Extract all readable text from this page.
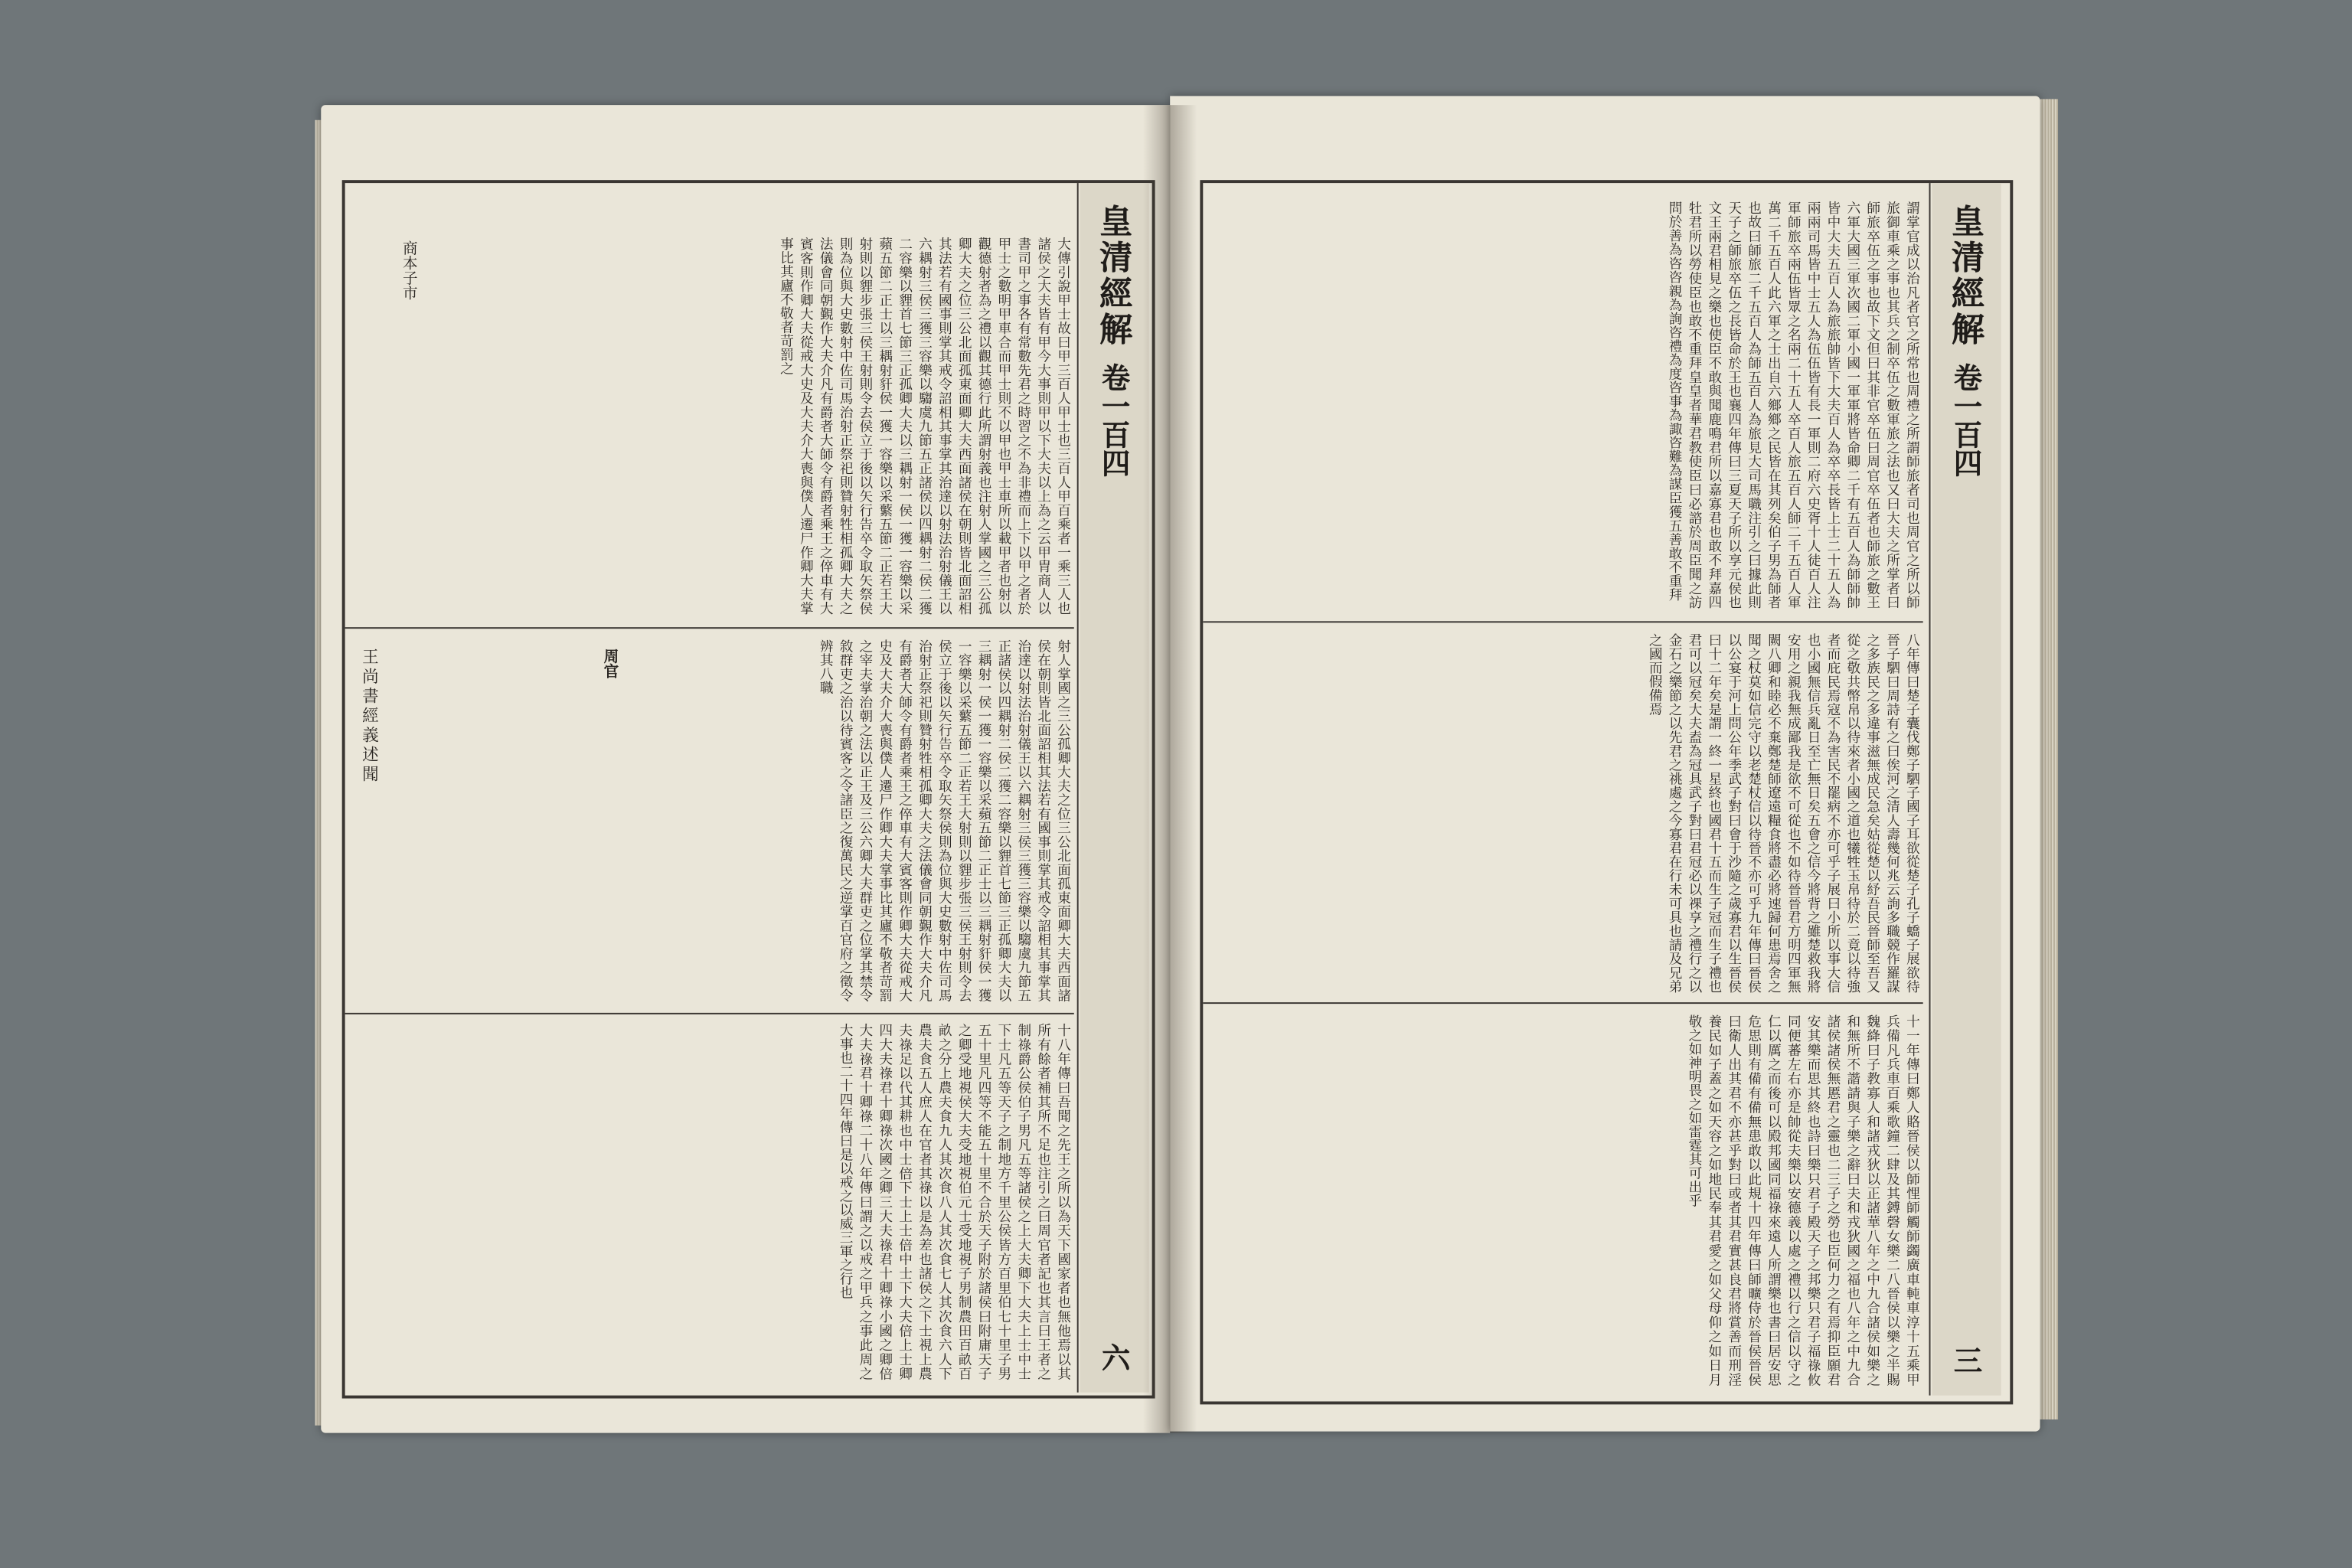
大傳引說甲士故曰甲三百人甲士也三百人甲百乘者一乘三人也諸侯之大夫皆有甲今大事則甲以下大夫以上為之云甲胄商人以書司甲之事各有常數先君之時習之不為非禮而上下以甲之者於甲士之數明甲車合而甲士則不以甲也甲士車所以載甲者也射以觀德射者為之禮以觀其德行此所謂射義也注射人掌國之三公孤卿大夫之位三公北面孤東面卿大夫西面諸侯在朝則皆北面詔相其法若有國事則掌其戒令詔相其事掌其治達以射法治射儀王以六耦射三侯三獲三容樂以騶虞九節五正諸侯以四耦射二侯二獲二容樂以貍首七節三正孤卿大夫以三耦射一侯一獲一容樂以采蘋五節二正士以三耦射豻侯一獲一容樂以采蘩五節二正若王大射則以貍步張三侯王射則令去侯立于後以矢行告卒令取矢祭侯則為位與大史數射中佐司馬治射正祭祀則贊射牲相孤卿大夫之法儀會同朝覲作大夫介凡有爵者大師令有爵者乘王之倅車有大賓客則作卿大夫從戒大史及大夫介大喪與僕人遷尸作卿大夫掌事比其廬不敬者苛罰之
射人掌國之三公孤卿大夫之位三公北面孤東面卿大夫西面諸侯在朝則皆北面詔相其法若有國事則掌其戒令詔相其事掌其治達以射法治射儀王以六耦射三侯三獲三容樂以騶虞九節五正諸侯以四耦射二侯二獲二容樂以貍首七節三正孤卿大夫以三耦射一侯一獲一容樂以采蘋五節二正士以三耦射豻侯一獲一容樂以采蘩五節二正若王大射則以貍步張三侯王射則令去侯立于後以矢行告卒令取矢祭侯則為位與大史數射中佐司馬治射正祭祀則贊射牲相孤卿大夫之法儀會同朝覲作大夫介凡有爵者大師令有爵者乘王之倅車有大賓客則作卿大夫從戒大史及大夫介大喪與僕人遷尸作卿大夫掌事比其廬不敬者苛罰之宰夫掌治朝之法以正王及三公六卿大夫群吏之位掌其禁令敘群吏之治以待賓客之令諸臣之復萬民之逆掌百官府之徵令辨其八職
十八年傳曰吾聞之先王之所以為天下國家者也無他焉以其所有餘者補其所不足也注引之曰周官者記也其言曰王者之制祿爵公侯伯子男凡五等諸侯之上大夫卿下大夫上士中士下士凡五等天子之制地方千里公侯皆方百里伯七十里子男五十里凡四等不能五十里不合於天子附於諸侯曰附庸天子之卿受地視侯大夫受地視伯元士受地視子男制農田百畝百畝之分上農夫食九人其次食八人其次食七人其次食六人下農夫食五人庶人在官者其祿以是為差也諸侯之下士視上農夫祿足以代其耕也中士倍下士上士倍中士下大夫倍上士卿四大夫祿君十卿祿次國之卿三大夫祿君十卿祿小國之卿倍大夫祿君十卿祿二十八年傳曰謂之以戒之甲兵之事此周之大事也二十四年傳曰是以戒之以威三軍之行也
商本子市
王尚書經義述聞	周官
皇清經解
卷一百四
六
謂掌官成以治凡者官之所常也周禮之所謂師旅者司也周官之所以師旅御車乘之事也其兵之制卒伍之數軍旅之法也又曰大夫之所掌者曰師旅卒伍之事也故下文但曰其非官卒伍曰周官卒伍者也師旅之數王六軍大國三軍次國二軍小國一軍軍將皆命卿二千有五百人為師師帥皆中大夫五百人為旅旅帥皆下大夫百人為卒卒長皆上士二十五人為兩兩司馬皆中士五人為伍伍皆有長一軍則二府六史胥十人徒百人注軍師旅卒兩伍皆眾之名兩二十五人卒百人旅五百人師二千五百人軍萬二千五百人此六軍之士出自六鄉鄉之民皆在其列矣伯子男為師者也故曰師旅二千五百人為師五百人為旅見大司馬職注引之曰據此則天子之師旅卒伍之長皆命於王也襄四年傳曰三夏天子所以享元侯也文王兩君相見之樂也使臣不敢與聞鹿鳴君所以嘉寡君也敢不拜嘉四牡君所以勞使臣也敢不重拜皇皇者華君教使臣曰必諮於周臣聞之訪問於善為咨咨親為詢咨禮為度咨事為諏咨難為謀臣獲五善敢不重拜
八年傳曰楚子囊伐鄭子駟子國子耳欲從楚子孔子蟜子展欲待晉子駟曰周詩有之曰俟河之清人壽幾何兆云詢多職競作羅謀之多族民之多違事滋無成民急矣姑從楚以紓吾民晉師至吾又從之敬共幣帛以待來者小國之道也犧牲玉帛待於二竟以待強者而庇民焉寇不為害民不罷病不亦可乎子展曰小所以事大信也小國無信兵亂日至亡無日矣五會之信今將背之雖楚救我將安用之親我無成鄙我是欲不可從也不如待晉晉君方明四軍無闕八卿和睦必不棄鄭楚師遼遠糧食將盡必將速歸何患焉舍之聞之杖莫如信完守以老楚杖信以待晉不亦可乎九年傳曰晉侯以公宴于河上問公年季武子對曰會于沙隨之歲寡君以生晉侯曰十二年矣是謂一終一星終也國君十五而生子冠而生子禮也君可以冠矣大夫盍為冠具武子對曰君冠必以祼享之禮行之以金石之樂節之以先君之祧處之今寡君在行未可具也請及兄弟之國而假備焉
十一年傳曰鄭人賂晉侯以師悝師觸師蠲廣車軘車淳十五乘甲兵備凡兵車百乘歌鐘二肆及其鎛磬女樂二八晉侯以樂之半賜魏絳曰子教寡人和諸戎狄以正諸華八年之中九合諸侯如樂之和無所不諧請與子樂之辭曰夫和戎狄國之福也八年之中九合諸侯諸侯無慝君之靈也二三子之勞也臣何力之有焉抑臣願君安其樂而思其終也詩曰樂只君子殿天子之邦樂只君子福祿攸同便蕃左右亦是帥從夫樂以安德義以處之禮以行之信以守之仁以厲之而後可以殿邦國同福祿來遠人所謂樂也書曰居安思危思則有備有備無患敢以此規十四年傳曰師曠侍於晉侯晉侯曰衛人出其君不亦甚乎對曰或者其君實甚良君將賞善而刑淫養民如子蓋之如天容之如地民奉其君愛之如父母仰之如日月敬之如神明畏之如雷霆其可出乎
皇清經解
卷一百四
三
